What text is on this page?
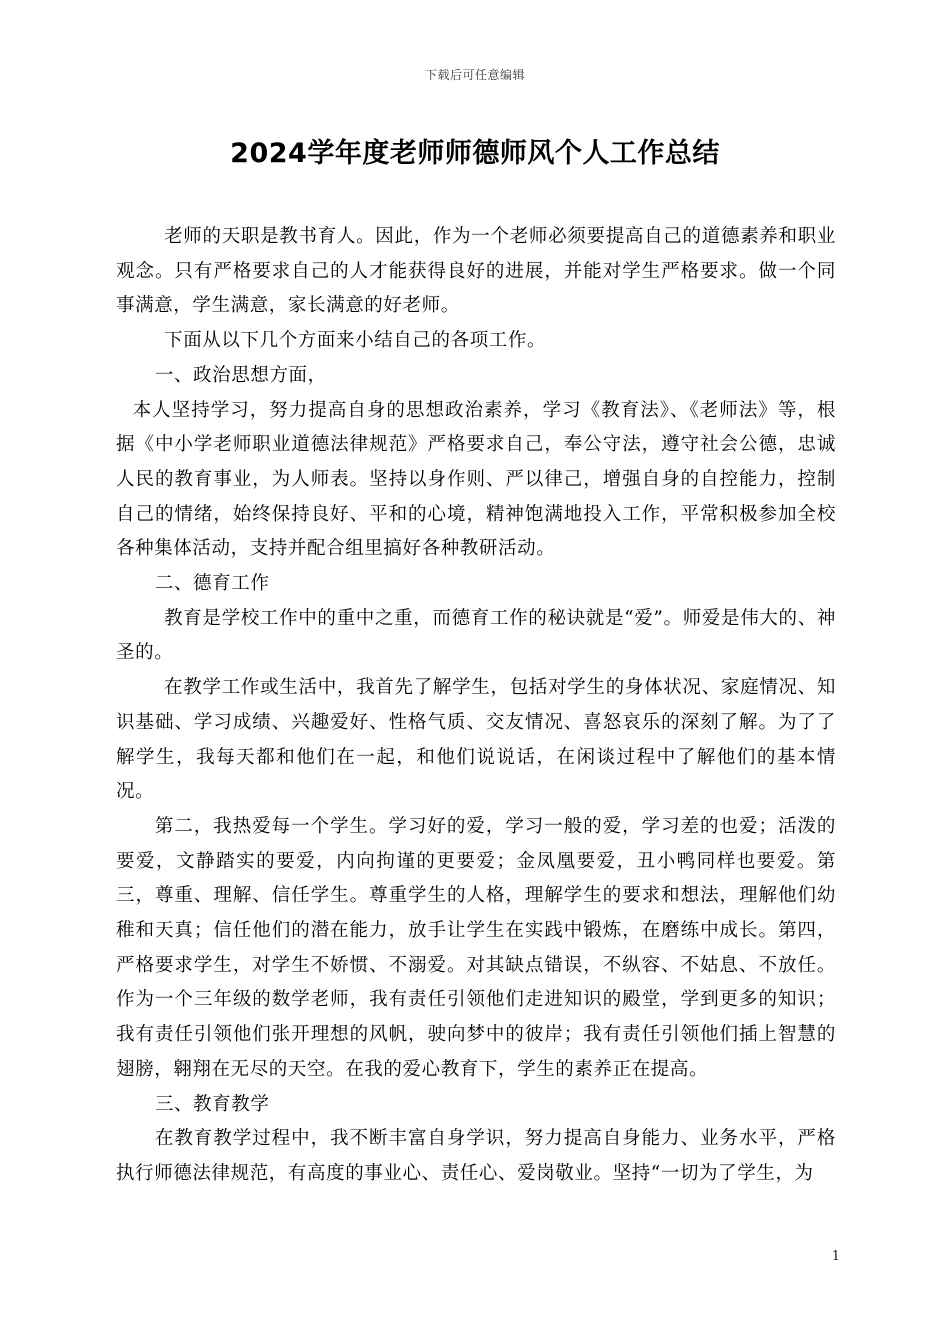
下载后可任意编辑
2024学年度老师师德师风个人工作总结

老师的天职是教书育人。因此，作为一个老师必须要提高自己的道德素养和职业观念。只有严格要求自己的人才能获得良好的进展，并能对学生严格要求。做一个同事满意，学生满意，家长满意的好老师。

下面从以下几个方面来小结自己的各项工作。

一、政治思想方面，

本人坚持学习，努力提高自身的思想政治素养，学习《教育法》、《老师法》等，根据《中小学老师职业道德法律规范》严格要求自己，奉公守法，遵守社会公德，忠诚人民的教育事业，为人师表。坚持以身作则、严以律己，增强自身的自控能力，控制自己的情绪，始终保持良好、平和的心境，精神饱满地投入工作，平常积极参加全校各种集体活动，支持并配合组里搞好各种教研活动。

二、德育工作

教育是学校工作中的重中之重，而德育工作的秘诀就是“爱”。师爱是伟大的、神圣的。

在教学工作或生活中，我首先了解学生，包括对学生的身体状况、家庭情况、知识基础、学习成绩、兴趣爱好、性格气质、交友情况、喜怒哀乐的深刻了解。为了了解学生，我每天都和他们在一起，和他们说说话，在闲谈过程中了解他们的基本情况。

第二，我热爱每一个学生。学习好的爱，学习一般的爱，学习差的也爱；活泼的要爱，文静踏实的要爱，内向拘谨的更要爱；金凤凰要爱，丑小鸭同样也要爱。第三，尊重、理解、信任学生。尊重学生的人格，理解学生的要求和想法，理解他们幼稚和天真；信任他们的潜在能力，放手让学生在实践中锻炼，在磨练中成长。第四，严格要求学生，对学生不娇惯、不溺爱。对其缺点错误，不纵容、不姑息、不放任。作为一个三年级的数学老师，我有责任引领他们走进知识的殿堂，学到更多的知识；我有责任引领他们张开理想的风帆，驶向梦中的彼岸；我有责任引领他们插上智慧的翅膀，翱翔在无尽的天空。在我的爱心教育下，学生的素养正在提高。

三、教育教学

在教育教学过程中，我不断丰富自身学识，努力提高自身能力、业务水平，严格执行师德法律规范，有高度的事业心、责任心、爱岗敬业。坚持“一切为了学生，为

1
